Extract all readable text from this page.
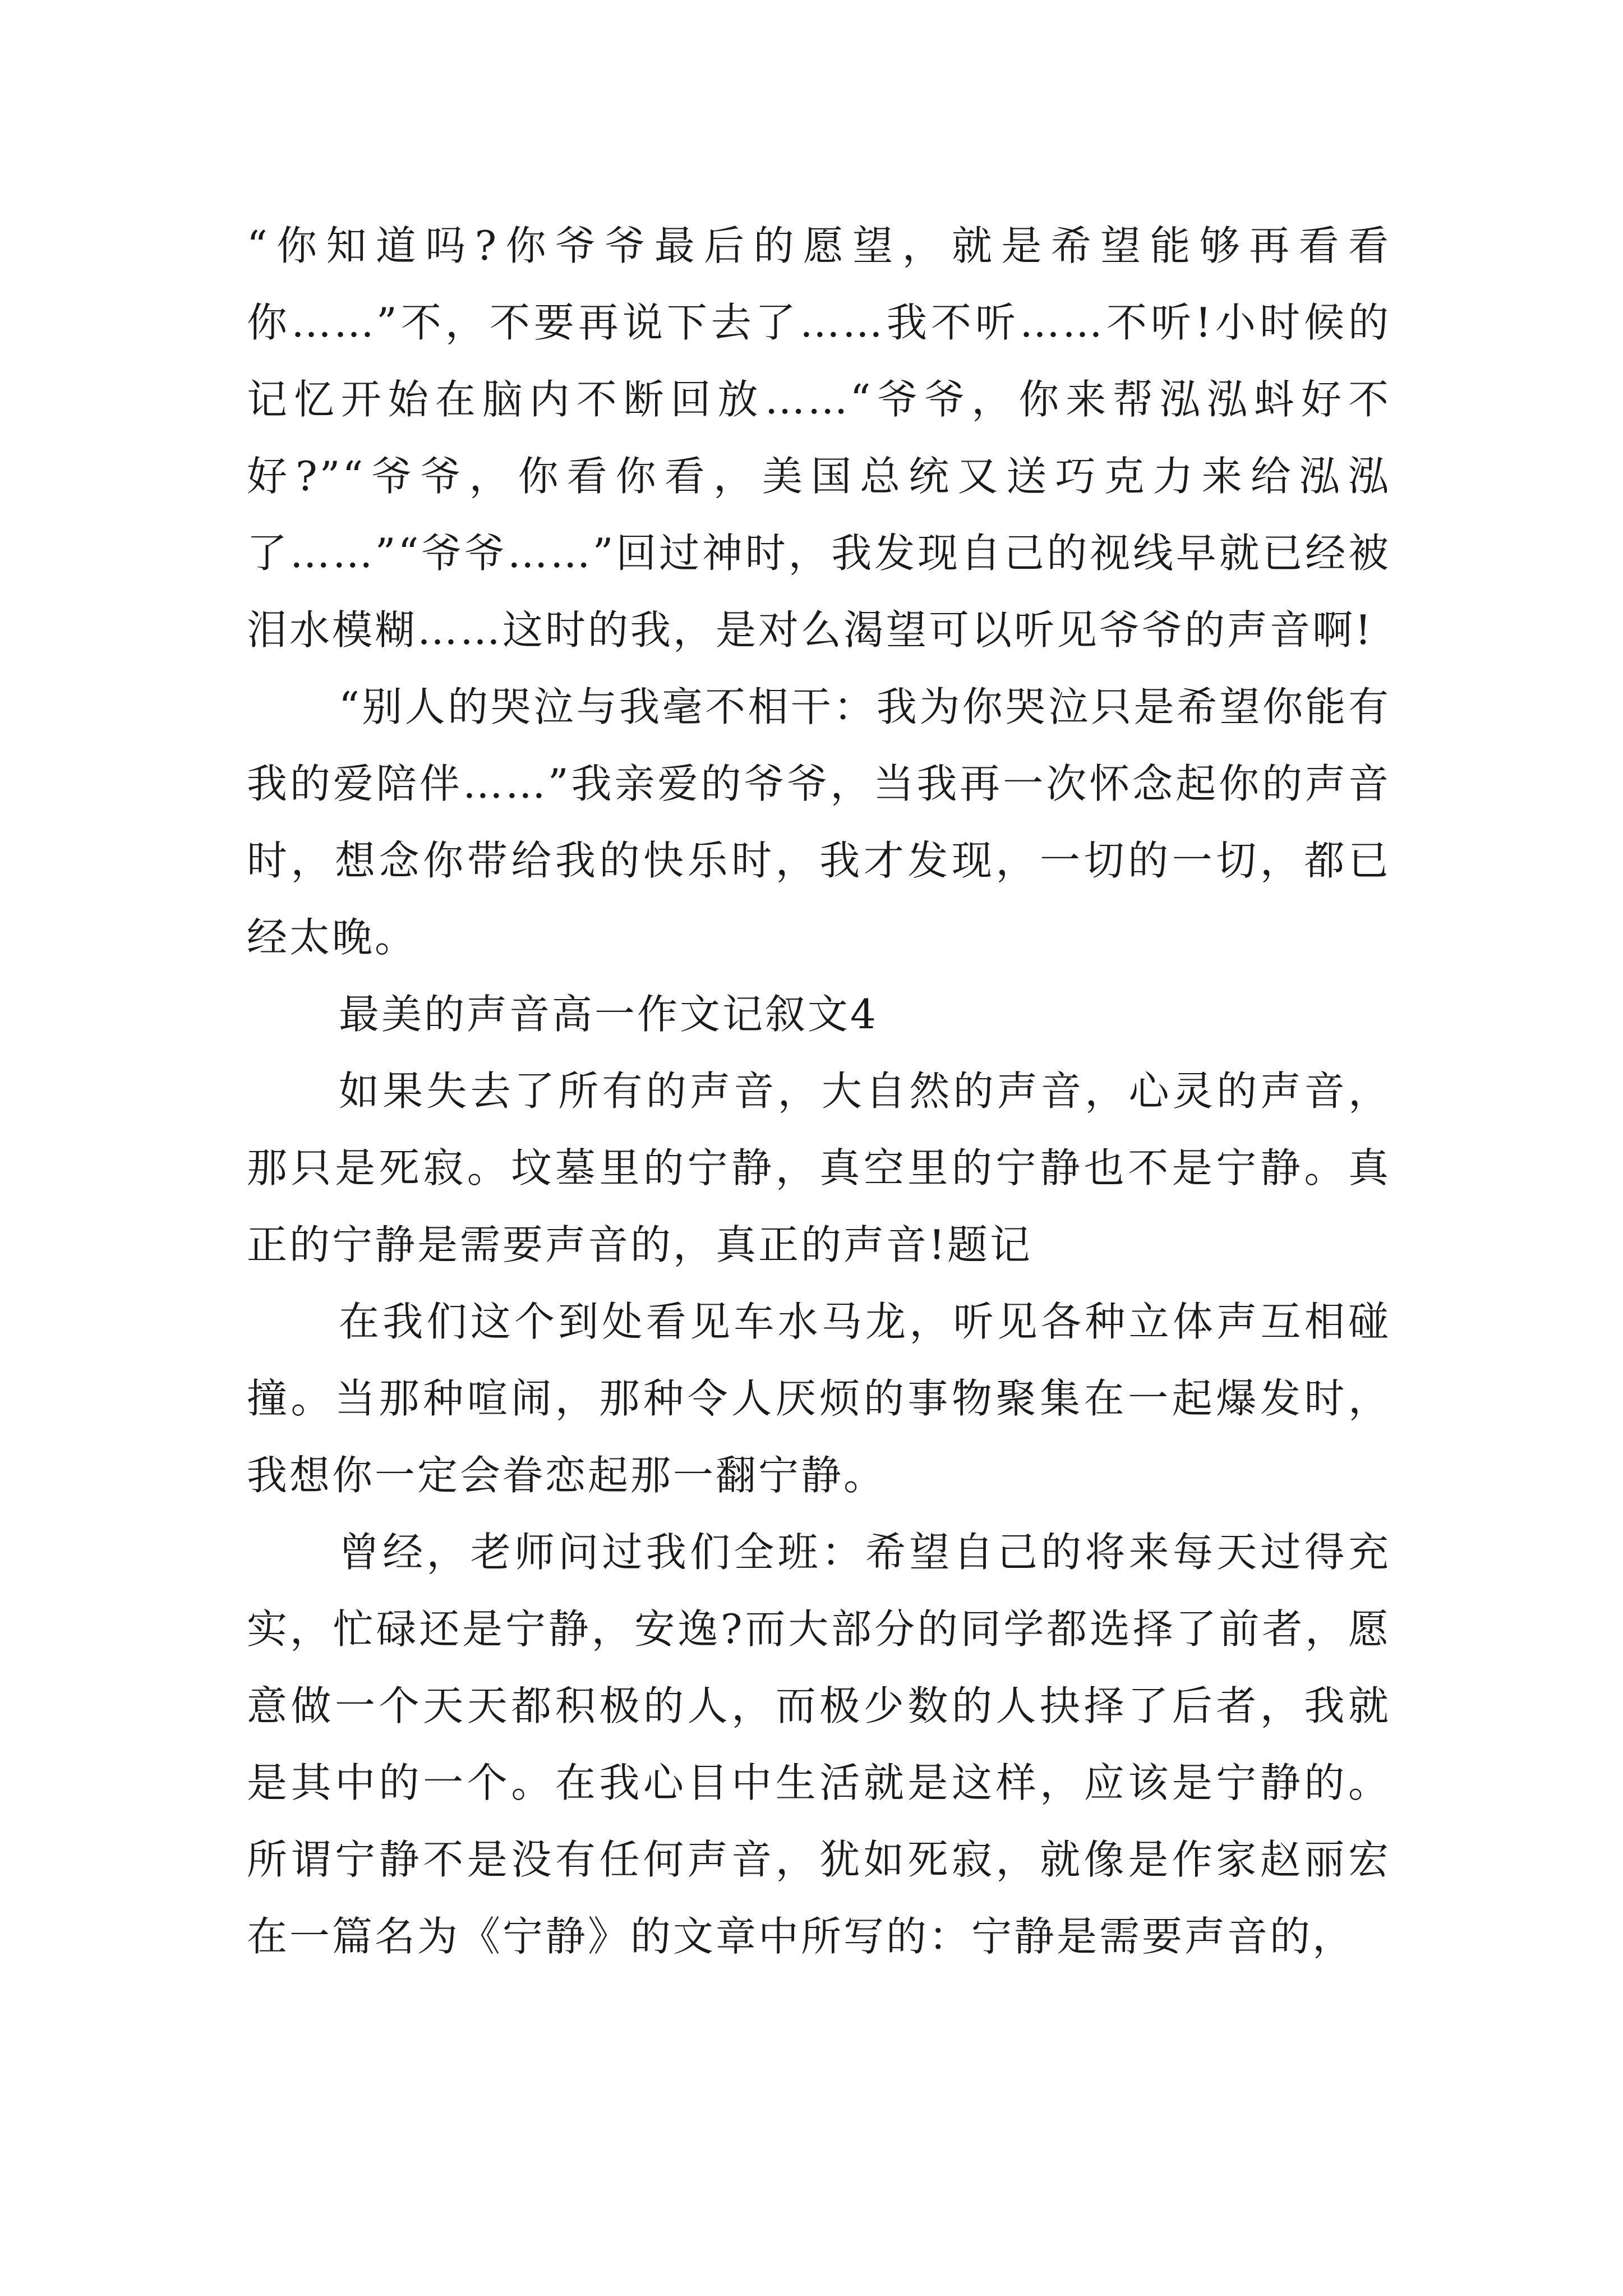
“你知道吗?你爷爷最后的愿望，就是希望能够再看看你……”不，不要再说下去了……我不听……不听!小时候的记忆开始在脑内不断回放……“爷爷，你来帮泓泓蚪好不好?”“爷爷，你看你看，美国总统又送巧克力来给泓泓了……”“爷爷……”回过神时，我发现自己的视线早就已经被泪水模糊……这时的我，是对么渴望可以听见爷爷的声音啊!

“别人的哭泣与我毫不相干：我为你哭泣只是希望你能有我的爱陪伴……”我亲爱的爷爷，当我再一次怀念起你的声音时，想念你带给我的快乐时，我才发现，一切的一切，都已经太晚。

最美的声音高一作文记叙文4

如果失去了所有的声音，大自然的声音，心灵的声音，那只是死寂。坟墓里的宁静，真空里的宁静也不是宁静。真正的宁静是需要声音的，真正的声音!题记

在我们这个到处看见车水马龙，听见各种立体声互相碰撞。当那种喧闹，那种令人厌烦的事物聚集在一起爆发时，我想你一定会眷恋起那一翻宁静。

曾经，老师问过我们全班：希望自己的将来每天过得充实，忙碌还是宁静，安逸?而大部分的同学都选择了前者，愿意做一个天天都积极的人，而极少数的人抉择了后者，我就是其中的一个。在我心目中生活就是这样，应该是宁静的。所谓宁静不是没有任何声音，犹如死寂，就像是作家赵丽宏在一篇名为《宁静》的文章中所写的：宁静是需要声音的，
